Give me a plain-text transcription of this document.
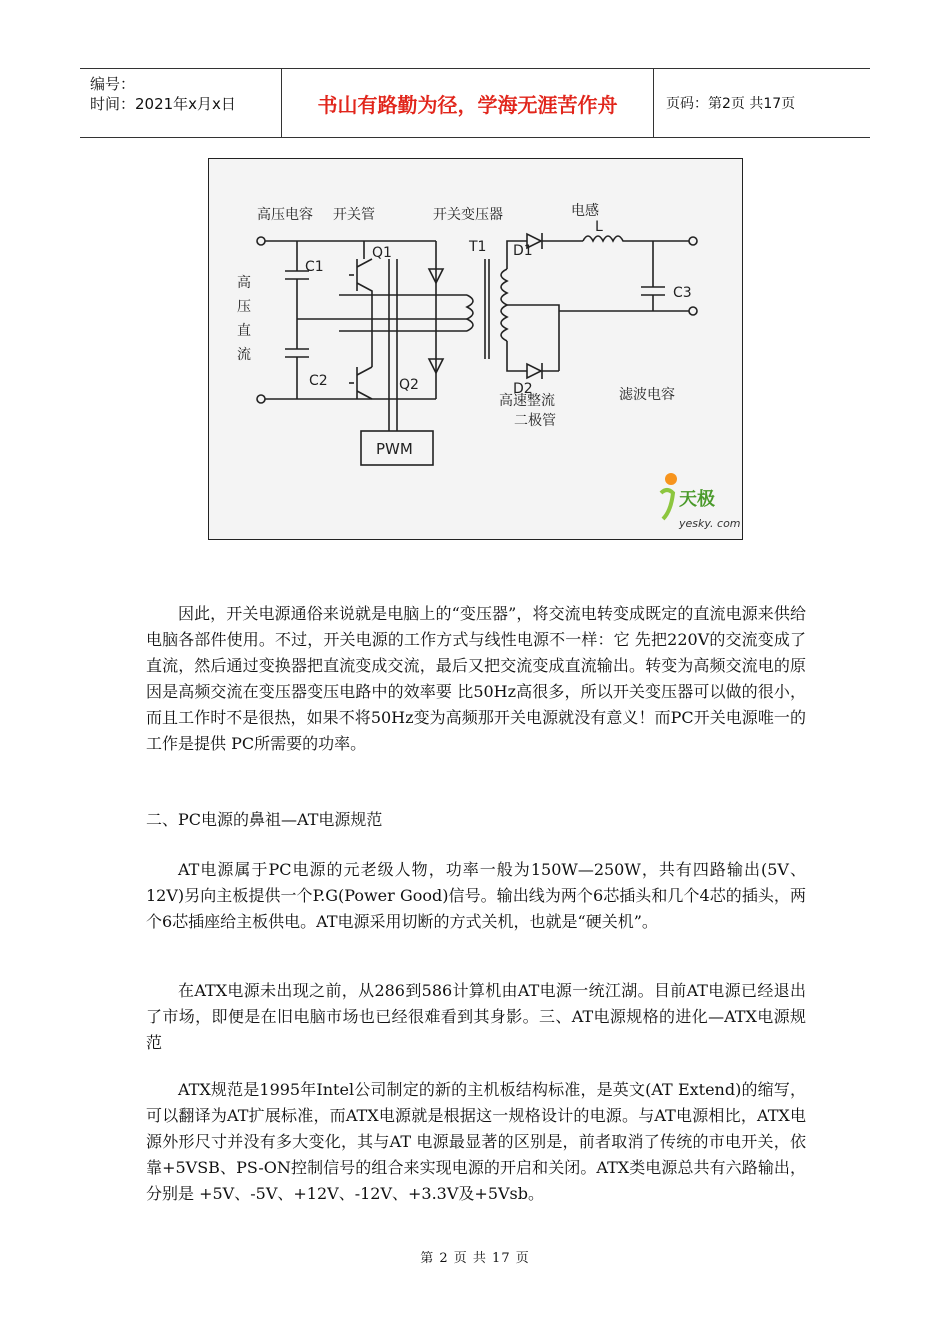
编号：
时间：2021年x月x日	书山有路勤为径，学海无涯苦作舟	页码：第2页 共17页
高压电容 开关管	开关变压器	电感
高
压
直
流
C1
C2
Q1
Q2
T1 D1
D2
L
C3
PWM
高速整流
二极管
滤波电容
天极
yesky. com

因此，开关电源通俗来说就是电脑上的“变压器”，将交流电转变成既定的直流电源来供给电脑各部件使用。不过，开关电源的工作方式与线性电源不一样：它 先把220V的交流变成了直流，然后通过变换器把直流变成交流，最后又把交流变成直流输出。转变为高频交流电的原因是高频交流在变压器变压电路中的效率要 比50Hz高很多，所以开关变压器可以做的很小，而且工作时不是很热，如果不将50Hz变为高频那开关电源就没有意义！而PC开关电源唯一的工作是提供 PC所需要的功率。

二、PC电源的鼻祖—AT电源规范

AT电源属于PC电源的元老级人物，功率一般为150W—250W，共有四路输出(5V、12V)另向主板提供一个P.G(Power Good)信号。输出线为两个6芯插头和几个4芯的插头，两个6芯插座给主板供电。AT电源采用切断的方式关机，也就是“硬关机”。

在ATX电源未出现之前，从286到586计算机由AT电源一统江湖。目前AT电源已经退出了市场，即便是在旧电脑市场也已经很难看到其身影。三、AT电源规格的进化—ATX电源规范

ATX规范是1995年Intel公司制定的新的主机板结构标准，是英文(AT Extend)的缩写，可以翻译为AT扩展标准，而ATX电源就是根据这一规格设计的电源。与AT电源相比，ATX电源外形尺寸并没有多大变化，其与AT 电源最显著的区别是，前者取消了传统的市电开关，依靠+5VSB、PS-ON控制信号的组合来实现电源的开启和关闭。ATX类电源总共有六路输出，分别是 +5V、-5V、+12V、-12V、+3.3V及+5Vsb。

第 2 页 共 17 页
